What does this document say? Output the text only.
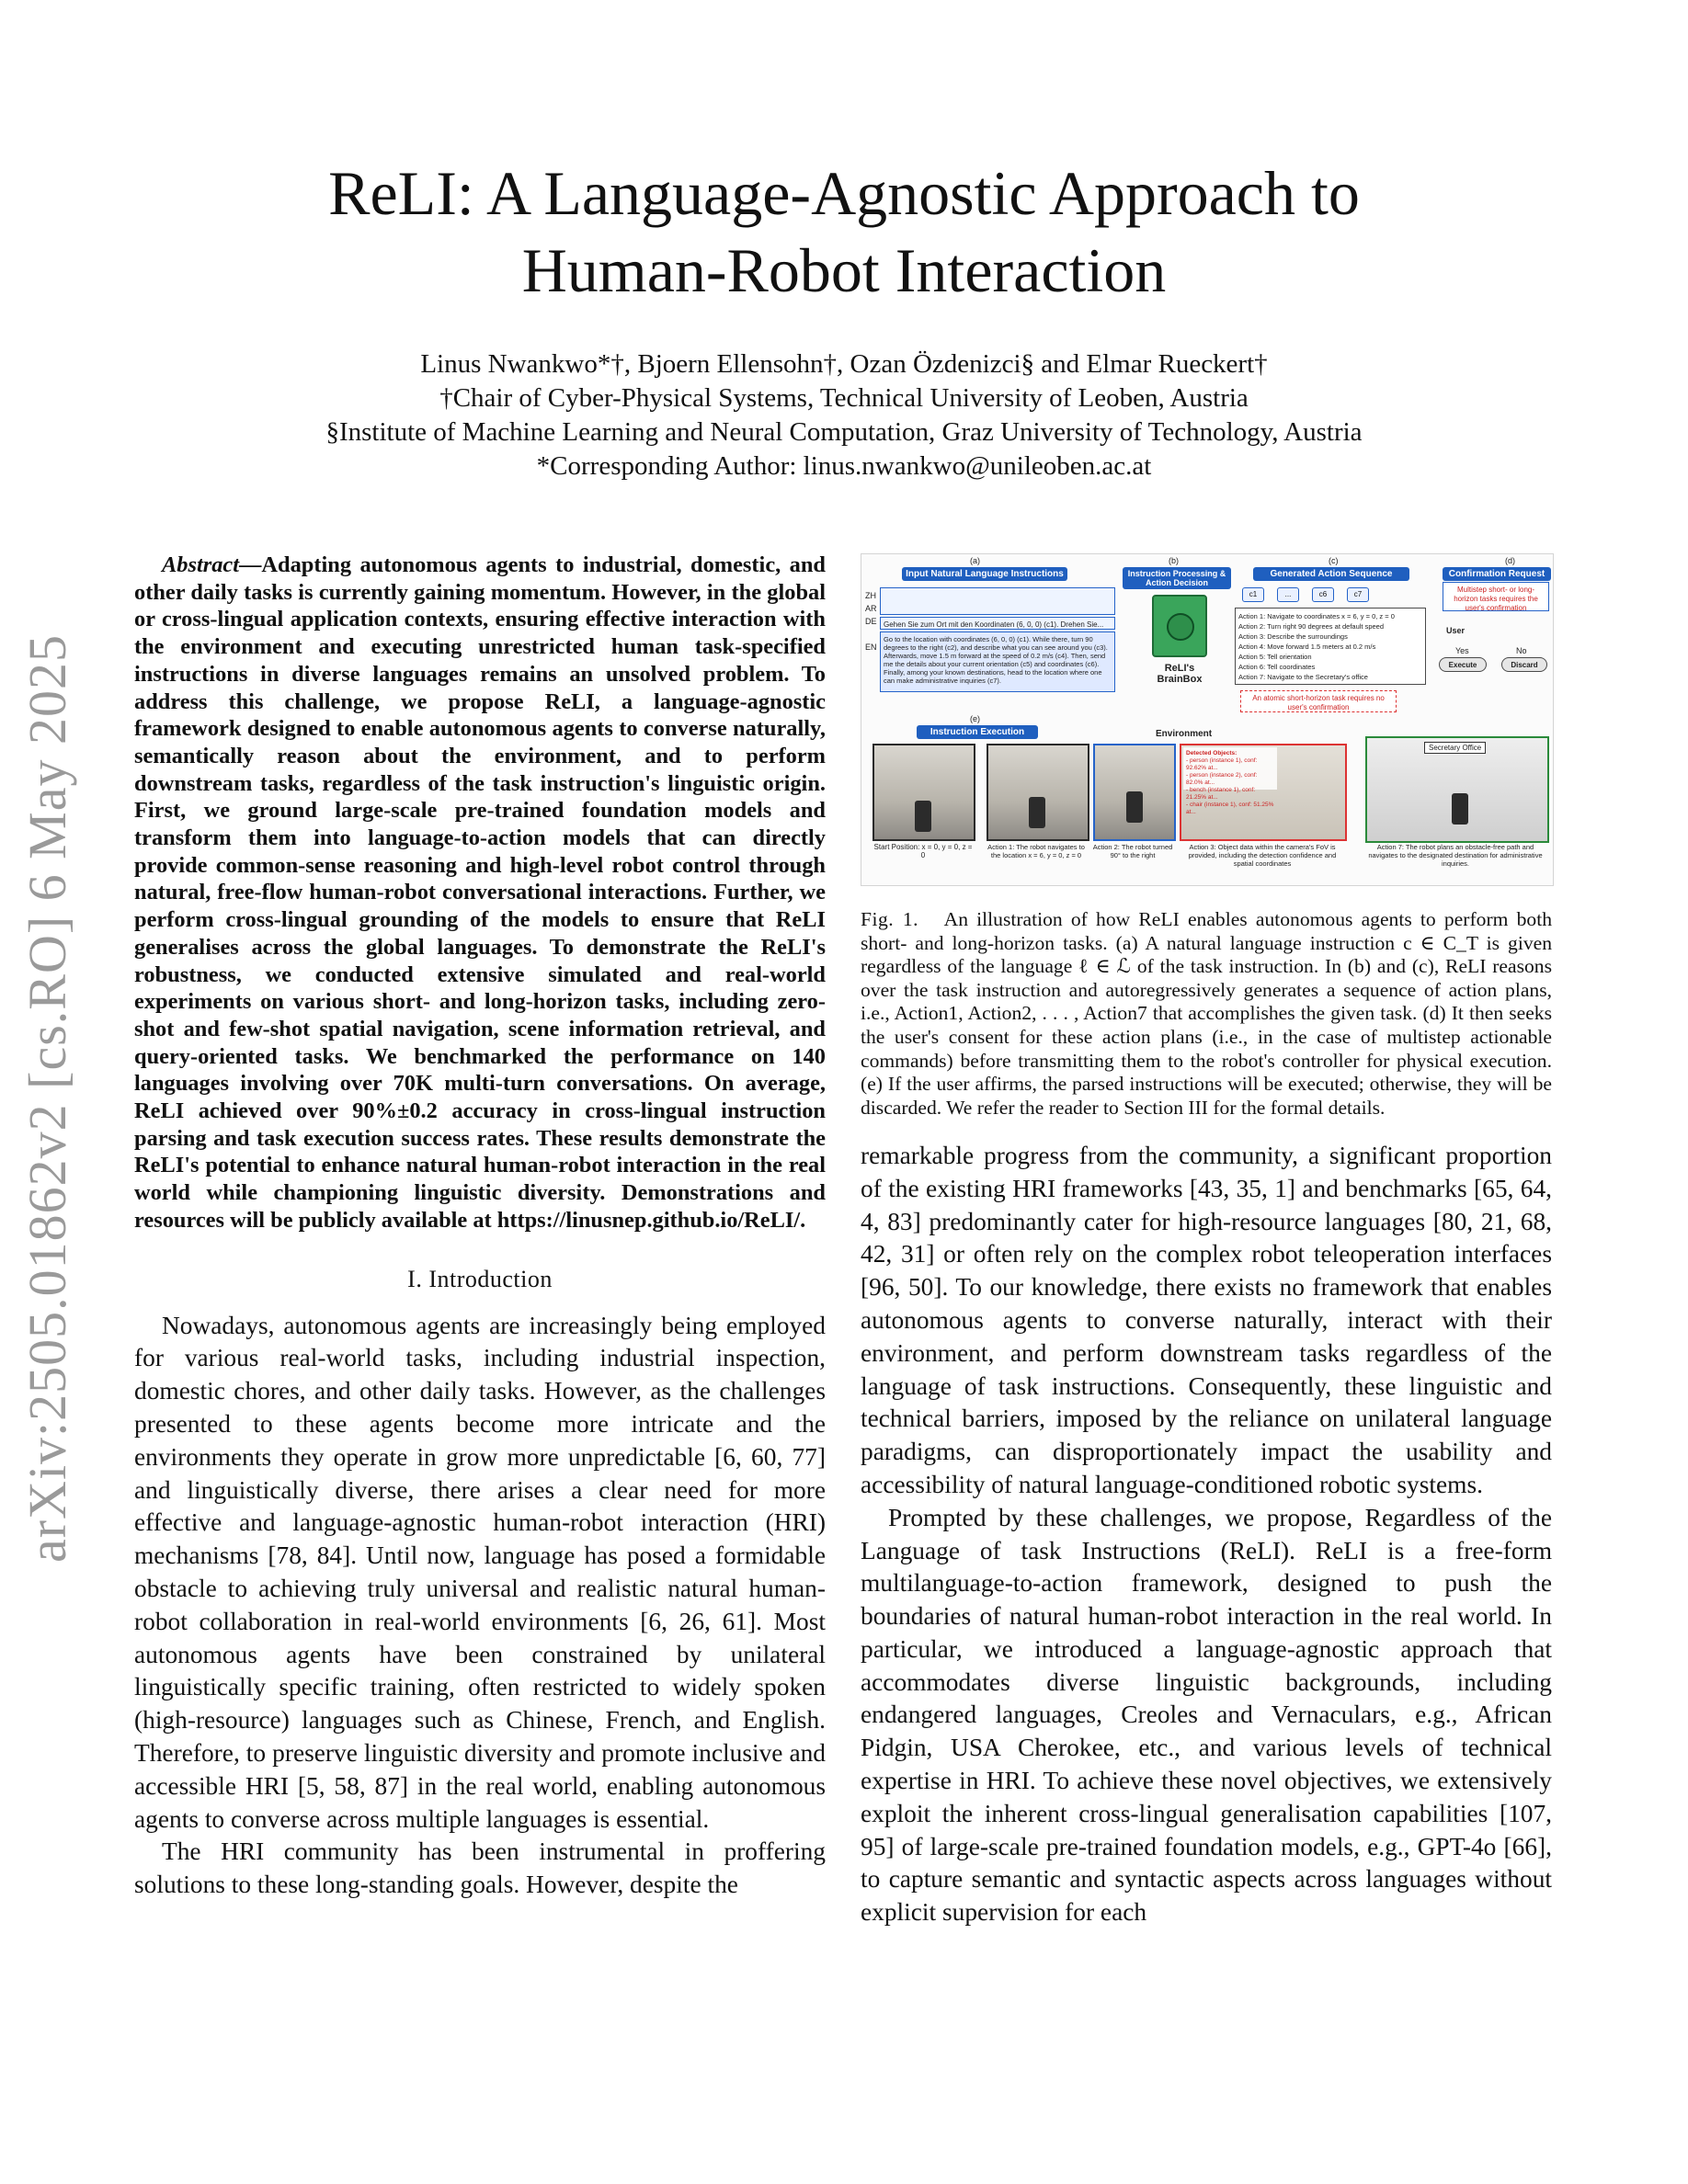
arXiv:2505.01862v2 [cs.RO] 6 May 2025
ReLI: A Language-Agnostic Approach to
Human-Robot Interaction
Linus Nwankwo*†, Bjoern Ellensohn†, Ozan Özdenizci§ and Elmar Rueckert†
†Chair of Cyber-Physical Systems, Technical University of Leoben, Austria
§Institute of Machine Learning and Neural Computation, Graz University of Technology, Austria
*Corresponding Author: linus.nwankwo@unileoben.ac.at

Abstract—Adapting autonomous agents to industrial, domestic, and other daily tasks is currently gaining momentum. However, in the global or cross-lingual application contexts, ensuring effective interaction with the environment and executing unrestricted human task-specified instructions in diverse languages remains an unsolved problem. To address this challenge, we propose ReLI, a language-agnostic framework designed to enable autonomous agents to converse naturally, semantically reason about the environment, and to perform downstream tasks, regardless of the task instruction's linguistic origin. First, we ground large-scale pre-trained foundation models and transform them into language-to-action models that can directly provide common-sense reasoning and high-level robot control through natural, free-flow human-robot conversational interactions. Further, we perform cross-lingual grounding of the models to ensure that ReLI generalises across the global languages. To demonstrate the ReLI's robustness, we conducted extensive simulated and real-world experiments on various short- and long-horizon tasks, including zero-shot and few-shot spatial navigation, scene information retrieval, and query-oriented tasks. We benchmarked the performance on 140 languages involving over 70K multi-turn conversations. On average, ReLI achieved over 90%±0.2 accuracy in cross-lingual instruction parsing and task execution success rates. These results demonstrate the ReLI's potential to enhance natural human-robot interaction in the real world while championing linguistic diversity. Demonstrations and resources will be publicly available at https://linusnep.github.io/ReLI/.

I. Introduction

Nowadays, autonomous agents are increasingly being employed for various real-world tasks, including industrial inspection, domestic chores, and other daily tasks. However, as the challenges presented to these agents become more intricate and the environments they operate in grow more unpredictable [6, 60, 77] and linguistically diverse, there arises a clear need for more effective and language-agnostic human-robot interaction (HRI) mechanisms [78, 84]. Until now, language has posed a formidable obstacle to achieving truly universal and realistic natural human-robot collaboration in real-world environments [6, 26, 61]. Most autonomous agents have been constrained by unilateral linguistically specific training, often restricted to widely spoken (high-resource) languages such as Chinese, French, and English. Therefore, to preserve linguistic diversity and promote inclusive and accessible HRI [5, 58, 87] in the real world, enabling autonomous agents to converse across multiple languages is essential.

The HRI community has been instrumental in proffering solutions to these long-standing goals. However, despite the

(a)	(b)	(c)	(d)
Input Natural Language Instructions
ZH
AR
DE
EN
Gehen Sie zum Ort mit den Koordinaten (6, 0, 0) (c1). Drehen Sie...
Go to the location with coordinates (6, 0, 0) (c1). While there, turn 90 degrees to the right (c2), and describe what you can see around you (c3). Afterwards, move 1.5 m forward at the speed of 0.2 m/s (c4). Then, send me the details about your current orientation (c5) and coordinates (c6). Finally, among your known destinations, head to the location where one can make administrative inquiries (c7).
Instruction Processing & Action Decision
ReLI's BrainBox
Generated Action Sequence
c1	...	c6	c7
Action 1: Navigate to coordinates x = 6, y = 0, z = 0
Action 2: Turn right 90 degrees at default speed
Action 3: Describe the surroundings
Action 4: Move forward 1.5 meters at 0.2 m/s
Action 5: Tell orientation
Action 6: Tell coordinates
Action 7: Navigate to the Secretary's office
An atomic short-horizon task requires no user's confirmation
Confirmation Request
Multistep short- or long-horizon tasks requires the user's confirmation
User
Yes	No
Execute	Discard
(e)
Instruction Execution	Environment
Detected Objects:
- person (instance 1), conf: 92.62% at...
- person (instance 2), conf: 82.0% at...
- bench (instance 1), conf: 21.25% at...
- chair (instance 1), conf: 51.25% at...
Secretary Office
Start Position: x = 0, y = 0, z = 0
Action 1: The robot navigates to the location x = 6, y = 0, z = 0
Action 2: The robot turned 90° to the right
Action 3: Object data within the camera's FoV is provided, including the detection confidence and spatial coordinates
Action 7: The robot plans an obstacle-free path and navigates to the designated destination for administrative inquiries.

Fig. 1. An illustration of how ReLI enables autonomous agents to perform both short- and long-horizon tasks. (a) A natural language instruction c ∈ C_T is given regardless of the language ℓ ∈ ℒ of the task instruction. In (b) and (c), ReLI reasons over the task instruction and autoregressively generates a sequence of action plans, i.e., Action1, Action2, . . . , Action7 that accomplishes the given task. (d) It then seeks the user's consent for these action plans (i.e., in the case of multistep actionable commands) before transmitting them to the robot's controller for physical execution. (e) If the user affirms, the parsed instructions will be executed; otherwise, they will be discarded. We refer the reader to Section III for the formal details.

remarkable progress from the community, a significant proportion of the existing HRI frameworks [43, 35, 1] and benchmarks [65, 64, 4, 83] predominantly cater for high-resource languages [80, 21, 68, 42, 31] or often rely on the complex robot teleoperation interfaces [96, 50]. To our knowledge, there exists no framework that enables autonomous agents to converse naturally, interact with their environment, and perform downstream tasks regardless of the language of task instructions. Consequently, these linguistic and technical barriers, imposed by the reliance on unilateral language paradigms, can disproportionately impact the usability and accessibility of natural language-conditioned robotic systems.

Prompted by these challenges, we propose, Regardless of the Language of task Instructions (ReLI). ReLI is a free-form multilanguage-to-action framework, designed to push the boundaries of natural human-robot interaction in the real world. In particular, we introduced a language-agnostic approach that accommodates diverse linguistic backgrounds, including endangered languages, Creoles and Vernaculars, e.g., African Pidgin, USA Cherokee, etc., and various levels of technical expertise in HRI. To achieve these novel objectives, we extensively exploit the inherent cross-lingual generalisation capabilities [107, 95] of large-scale pre-trained foundation models, e.g., GPT-4o [66], to capture semantic and syntactic aspects across languages without explicit supervision for each
